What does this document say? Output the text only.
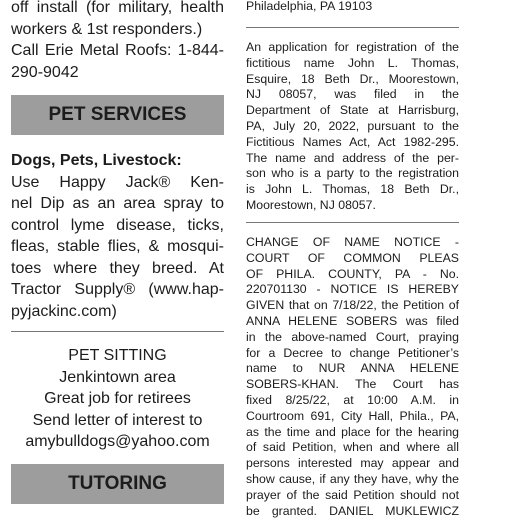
off install (for military, health
workers & 1st responders.)
Call Erie Metal Roofs: 1-844-
290-9042
PET SERVICES
Dogs, Pets, Livestock:
Use Happy Jack® Ken-
nel Dip as an area spray to
control lyme disease, ticks,
fleas, stable flies, & mosqui-
toes where they breed. At
Tractor Supply® (www.hap-
pyjackinc.com)
PET SITTING
Jenkintown area
Great job for retirees
Send letter of interest to
amybulldogs@yahoo.com
TUTORING
Philadelphia, PA 19103
An application for registration of the
fictitious name John L. Thomas,
Esquire, 18 Beth Dr., Moorestown,
NJ 08057, was filed in the
Department of State at Harrisburg,
PA, July 20, 2022, pursuant to the
Fictitious Names Act, Act 1982-295.
The name and address of the per-
son who is a party to the registration
is John L. Thomas, 18 Beth Dr.,
Moorestown, NJ 08057.
CHANGE OF NAME NOTICE -
COURT OF COMMON PLEAS
OF PHILA. COUNTY, PA - No.
220701130 - NOTICE IS HEREBY
GIVEN that on 7/18/22, the Petition of
ANNA HELENE SOBERS was filed
in the above-named Court, praying
for a Decree to change Petitioner’s
name to NUR ANNA HELENE
SOBERS-KHAN. The Court has
fixed 8/25/22, at 10:00 A.M. in
Courtroom 691, City Hall, Phila., PA,
as the time and place for the hearing
of said Petition, when and where all
persons interested may appear and
show cause, if any they have, why the
prayer of the said Petition should not
be granted. DANIEL MUKLEWICZ
